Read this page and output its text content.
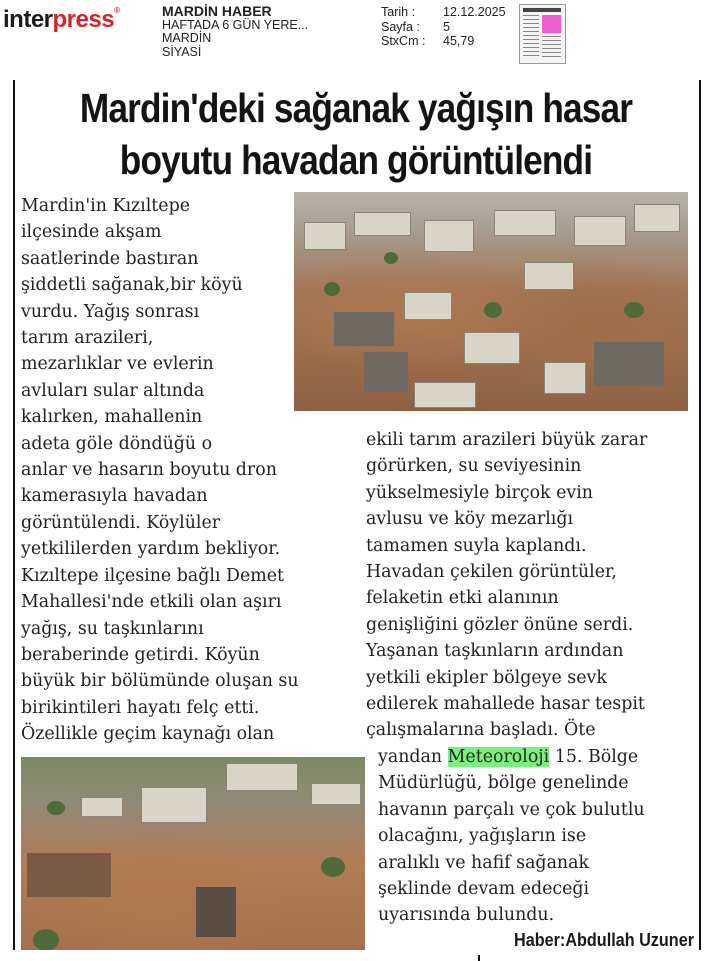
interpress®	MARDİN HABER
HAFTADA 6 GÜN YERE...
MARDİN
SİYASİ
Tarih :	12.12.2025
Sayfa :	5
StxCm :	45,79
Mardin'deki sağanak yağışın hasar
boyutu havadan görüntülendi
Mardin'in Kızıltepe
ilçesinde akşam
saatlerinde bastıran
şiddetli sağanak,bir köyü
vurdu. Yağış sonrası
tarım arazileri,
mezarlıklar ve evlerin
avluları sular altında
kalırken, mahallenin
adeta göle döndüğü o
anlar ve hasarın boyutu dron
kamerasıyla havadan
görüntülendi. Köylüler
yetkililerden yardım bekliyor.
Kızıltepe ilçesine bağlı Demet
Mahallesi'nde etkili olan aşırı
yağış, su taşkınlarını
beraberinde getirdi. Köyün
büyük bir bölümünde oluşan su
birikintileri hayatı felç etti.
Özellikle geçim kaynağı olan
ekili tarım arazileri büyük zarar
görürken, su seviyesinin
yükselmesiyle birçok evin
avlusu ve köy mezarlığı
tamamen suyla kaplandı.
Havadan çekilen görüntüler,
felaketin etki alanının
genişliğini gözler önüne serdi.
Yaşanan taşkınların ardından
yetkili ekipler bölgeye sevk
edilerek mahallede hasar tespit
çalışmalarına başladı. Öte
yandan Meteoroloji 15. Bölge
Müdürlüğü, bölge genelinde
havanın parçalı ve çok bulutlu
olacağını, yağışların ise
aralıklı ve hafif sağanak
şeklinde devam edeceği
uyarısında bulundu.
Haber:Abdullah Uzuner
